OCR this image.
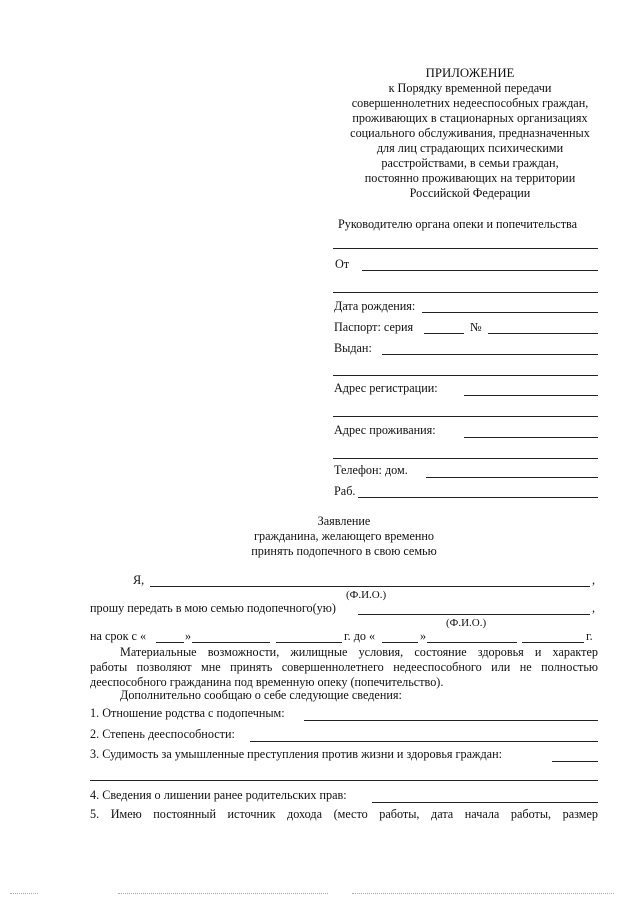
ПРИЛОЖЕНИЕ
к Порядку временной передачи
совершеннолетних недееспособных граждан,
проживающих в стационарных организациях
социального обслуживания, предназначенных
для лиц страдающих психическими
расстройствами, в семьи граждан,
постоянно проживающих на территории
Российской Федерации
Руководителю органа опеки и попечительства
От
Дата рождения:
Паспорт: серия	№
Выдан:
Адрес регистрации:
Адрес проживания:
Телефон: дом.
Раб.
Заявление
гражданина, желающего временно
принять подопечного в свою семью
Я,	,
(Ф.И.О.)
прошу передать в мою семью подопечного(ую)	,
(Ф.И.О.)
на срок с «	»	г. до «	»	г.
Материальные возможности, жилищные условия, состояние здоровья и характер
работы позволяют мне принять совершеннолетнего недееспособного или не полностью
дееспособного гражданина под временную опеку (попечительство).
Дополнительно сообщаю о себе следующие сведения:
1. Отношение родства с подопечным:
2. Степень дееспособности:
3. Судимость за умышленные преступления против жизни и здоровья граждан:
4. Сведения о лишении ранее родительских прав:
5. Имею постоянный источник дохода (место работы, дата начала работы, размер
